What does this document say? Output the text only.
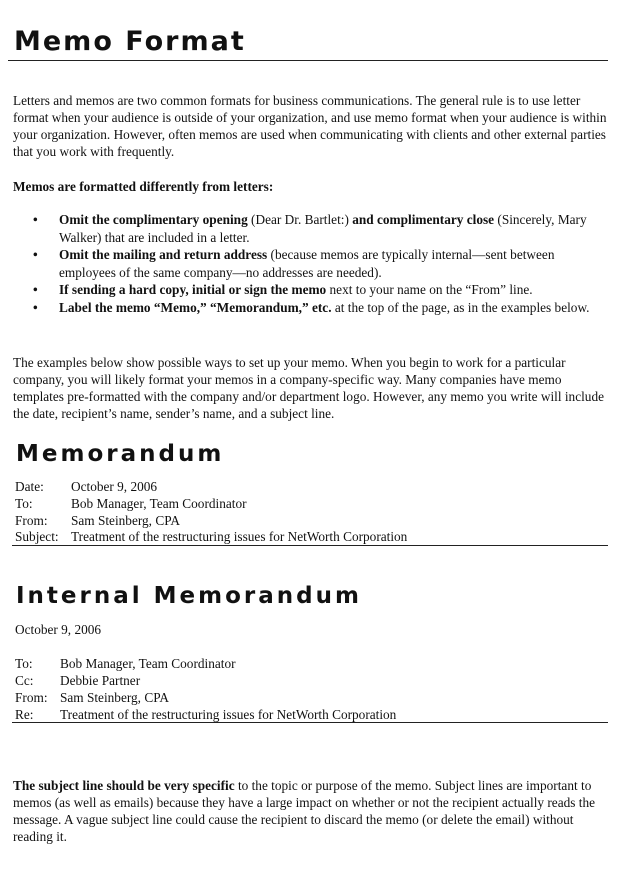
Memo Format

Letters and memos are two common formats for business communications. The general rule is to use letter format when your audience is outside of your organization, and use memo format when your audience is within your organization. However, often memos are used when communicating with clients and other external parties that you work with frequently.

Memos are formatted differently from letters:

• Omit the complimentary opening (Dear Dr. Bartlet:) and complimentary close (Sincerely, Mary Walker) that are included in a letter.
• Omit the mailing and return address (because memos are typically internal—sent between employees of the same company—no addresses are needed).
• If sending a hard copy, initial or sign the memo next to your name on the “From” line.
• Label the memo “Memo,” “Memorandum,” etc. at the top of the page, as in the examples below.

The examples below show possible ways to set up your memo. When you begin to work for a particular company, you will likely format your memos in a company-specific way. Many companies have memo templates pre-formatted with the company and/or department logo. However, any memo you write will include the date, recipient’s name, sender’s name, and a subject line.

Memorandum
Date: October 9, 2006
To:	Bob Manager, Team Coordinator
From: Sam Steinberg, CPA
Subject: Treatment of the restructuring issues for NetWorth Corporation
Internal Memorandum
October 9, 2006
To: Bob Manager, Team Coordinator
Cc: Debbie Partner
From: Sam Steinberg, CPA
Re: Treatment of the restructuring issues for NetWorth Corporation

The subject line should be very specific to the topic or purpose of the memo. Subject lines are important to memos (as well as emails) because they have a large impact on whether or not the recipient actually reads the message. A vague subject line could cause the recipient to discard the memo (or delete the email) without reading it.
